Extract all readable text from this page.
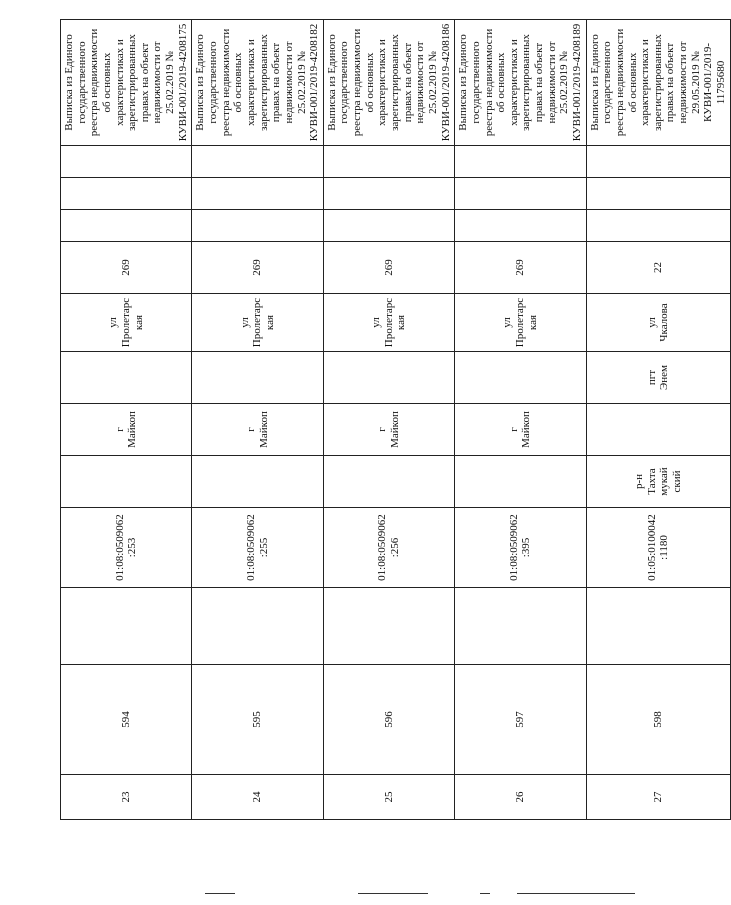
23	594		01:08:0509062
:253		г
Майкоп		ул
Пролетарс
кая	269				Выписка из Единого государственного реестра недвижимости об основных характеристиках и зарегистрированных правах на объект недвижимости от 25.02.2019 № КУВИ-001/2019-4208175
24	595		01:08:0509062
:255		г
Майкоп		ул
Пролетарс
кая	269				Выписка из Единого государственного реестра недвижимости об основных характеристиках и зарегистрированных правах на объект недвижимости от 25.02.2019 № КУВИ-001/2019-4208182
25	596		01:08:0509062
:256		г
Майкоп		ул
Пролетарс
кая	269				Выписка из Единого государственного реестра недвижимости об основных характеристиках и зарегистрированных правах на объект недвижимости от 25.02.2019 № КУВИ-001/2019-4208186
26	597		01:08:0509062
:395		г
Майкоп		ул
Пролетарс
кая	269				Выписка из Единого государственного реестра недвижимости об основных характеристиках и зарегистрированных правах на объект недвижимости от 25.02.2019 № КУВИ-001/2019-4208189
27	598		01:05:0100042
:1180	р-н
Тахта
мукай
ский		пгт
Энем	ул Чкалова	22				Выписка из Единого государственного реестра недвижимости об основных характеристиках и зарегистрированных правах на объект недвижимости от 29.05.2019 № КУВИ-001/2019-11795680
